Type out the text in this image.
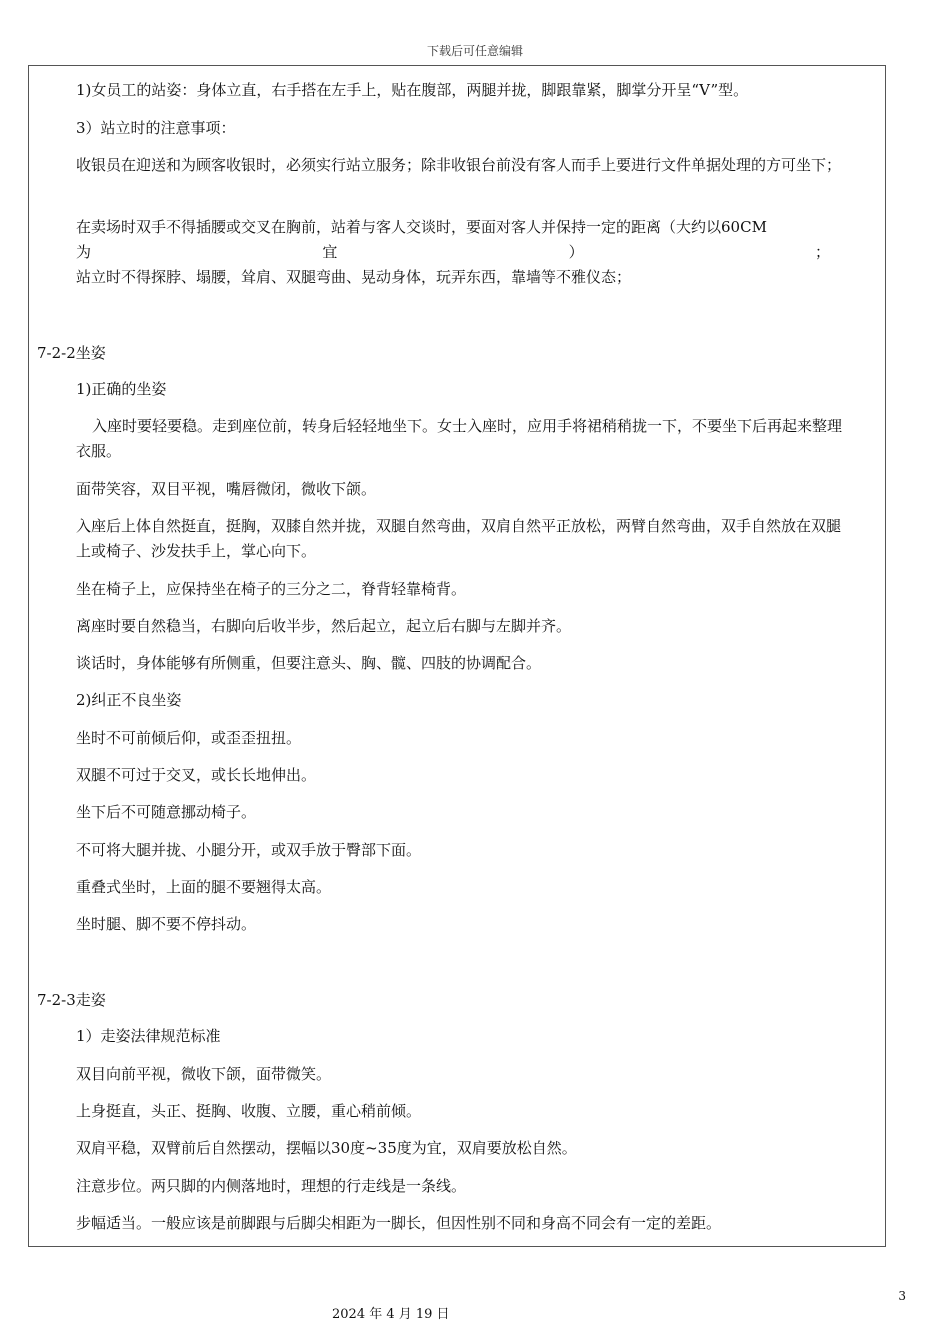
下载后可任意编辑

1)女员工的站姿：身体立直，右手搭在左手上，贴在腹部，两腿并拢，脚跟靠紧，脚掌分开呈“V”型。

3）站立时的注意事项：

收银员在迎送和为顾客收银时，必须实行站立服务；除非收银台前没有客人而手上要进行文件单据处理的方可坐下；

在卖场时双手不得插腰或交叉在胸前，站着与客人交谈时，要面对客人并保持一定的距离（大约以60CM

为	宜	）	；

站立时不得探脖、塌腰，耸肩、双腿弯曲、晃动身体，玩弄东西，靠墙等不雅仪态；

7-2-2坐姿

1)正确的坐姿

入座时要轻要稳。走到座位前，转身后轻轻地坐下。女士入座时，应用手将裙稍稍拢一下，不要坐下后再起来整理衣服。

面带笑容，双目平视，嘴唇微闭，微收下颌。

入座后上体自然挺直，挺胸，双膝自然并拢，双腿自然弯曲，双肩自然平正放松，两臂自然弯曲，双手自然放在双腿上或椅子、沙发扶手上，掌心向下。

坐在椅子上，应保持坐在椅子的三分之二，脊背轻靠椅背。

离座时要自然稳当，右脚向后收半步，然后起立，起立后右脚与左脚并齐。

谈话时，身体能够有所侧重，但要注意头、胸、髋、四肢的协调配合。

2)纠正不良坐姿

坐时不可前倾后仰，或歪歪扭扭。

双腿不可过于交叉，或长长地伸出。

坐下后不可随意挪动椅子。

不可将大腿并拢、小腿分开，或双手放于臀部下面。

重叠式坐时，上面的腿不要翘得太高。

坐时腿、脚不要不停抖动。

7-2-3走姿

1）走姿法律规范标准

双目向前平视，微收下颌，面带微笑。

上身挺直，头正、挺胸、收腹、立腰，重心稍前倾。

双肩平稳，双臂前后自然摆动，摆幅以30度~35度为宜，双肩要放松自然。

注意步位。两只脚的内侧落地时，理想的行走线是一条线。

步幅适当。一般应该是前脚跟与后脚尖相距为一脚长，但因性别不同和身高不同会有一定的差距。

3
2024 年 4 月 19 日
